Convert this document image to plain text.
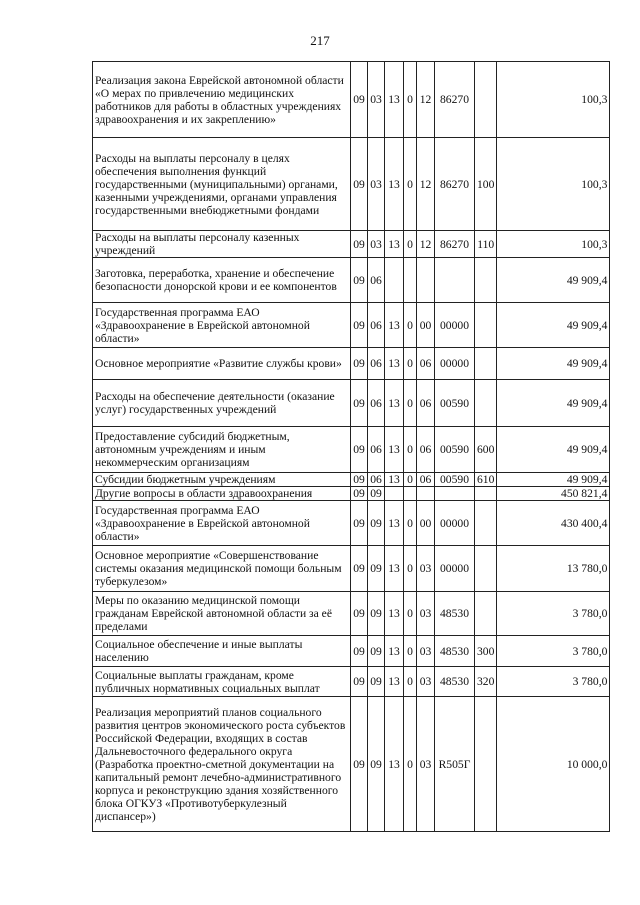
217
Реализация закона Еврейской автономной области «О мерах по привлечению медицинских работников для работы в областных учреждениях здравоохранения и их закреплению»	09	03	13	0	12	86270		100,3
Расходы на выплаты персоналу в целях обеспечения выполнения функций государственными (муниципальными) органами, казенными учреждениями, органами управления государственными внебюджетными фондами	09	03	13	0	12	86270	100	100,3
Расходы на выплаты персоналу казенных учреждений	09	03	13	0	12	86270	110	100,3
Заготовка, переработка, хранение и обеспечение безопасности донорской крови и ее компонентов	09	06						49 909,4
Государственная программа ЕАО «Здравоохранение в Еврейской автономной области»	09	06	13	0	00	00000		49 909,4
Основное мероприятие «Развитие службы крови»	09	06	13	0	06	00000		49 909,4
Расходы на обеспечение деятельности (оказание услуг) государственных учреждений	09	06	13	0	06	00590		49 909,4
Предоставление субсидий бюджетным, автономным учреждениям и иным некоммерческим организациям	09	06	13	0	06	00590	600	49 909,4
Субсидии бюджетным учреждениям	09	06	13	0	06	00590	610	49 909,4
Другие вопросы в области здравоохранения	09	09						450 821,4
Государственная программа ЕАО «Здравоохранение в Еврейской автономной области»	09	09	13	0	00	00000		430 400,4
Основное мероприятие «Совершенствование системы оказания медицинской помощи больным туберкулезом»	09	09	13	0	03	00000		13 780,0
Меры по оказанию медицинской помощи гражданам Еврейской автономной области за её пределами	09	09	13	0	03	48530		3 780,0
Социальное обеспечение и иные выплаты населению	09	09	13	0	03	48530	300	3 780,0
Социальные выплаты гражданам, кроме публичных нормативных социальных выплат	09	09	13	0	03	48530	320	3 780,0
Реализация мероприятий планов социального развития центров экономического роста субъектов Российской Федерации, входящих в состав Дальневосточного федерального округа (Разработка проектно-сметной документации на капитальный ремонт лечебно-административного корпуса и реконструкцию здания хозяйственного блока ОГКУЗ «Противотуберкулезный диспансер»)	09	09	13	0	03	R505Г		10 000,0
